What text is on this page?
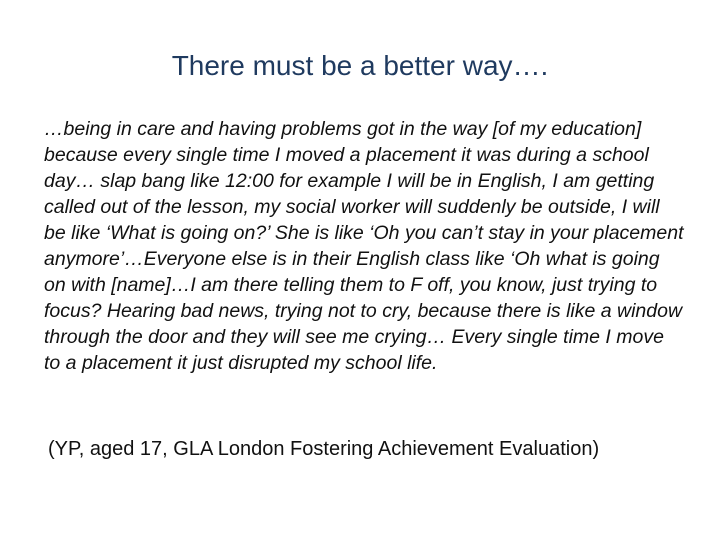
There must be a better way….

…being in care and having problems got in the way [of my education] because every single time I moved a placement it was during a school day… slap bang like 12:00 for example I will be in English, I am getting called out of the lesson, my social worker will suddenly be outside, I will be like ‘What is going on?’ She is like ‘Oh you can’t stay in your placement anymore’…Everyone else is in their English class like ‘Oh what is going on with [name]…I am there telling them to F off, you know, just trying to focus? Hearing bad news, trying not to cry, because there is like a window through the door and they will see me crying… Every single time I move to a placement it just disrupted my school life.

(YP, aged 17, GLA London Fostering Achievement Evaluation)
